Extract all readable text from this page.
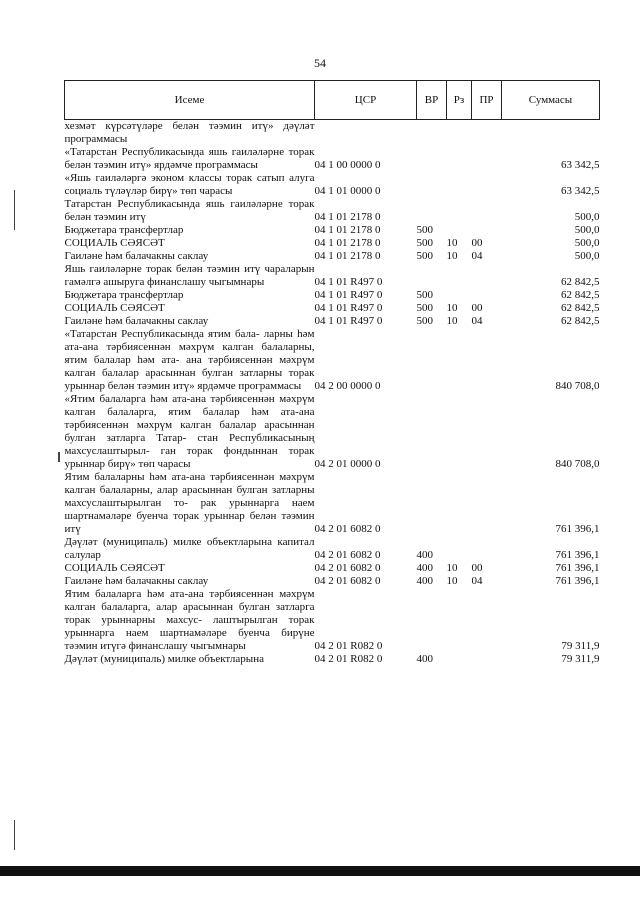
54
Исеме	ЦСР	ВР	Рз	ПР	Суммасы
хезмәт күрсәтүләре белән тәэмин итү» дәүләт программасы					
«Татарстан Республикасында яшь гаиләләрне торак белән тәэмин итү» ярдәмче программасы	04 1 00 0000 0				63 342,5
«Яшь гаиләләргә эконом классы торак сатып алуга социаль түләүләр бирү» төп чарасы	04 1 01 0000 0				63 342,5
Татарстан Республикасында яшь гаиләләрне торак белән тәэмин итү	04 1 01 2178 0				500,0
Бюджетара трансфертлар	04 1 01 2178 0	500			500,0
СОЦИАЛЬ СӘЯСӘТ	04 1 01 2178 0	500	10	00	500,0
Гаиләне һәм балачакны саклау	04 1 01 2178 0	500	10	04	500,0
Яшь гаиләләрне торак белән тәэмин итү чараларын гамәлгә ашыруга финанслашу чыгымнары	04 1 01 R497 0				62 842,5
Бюджетара трансфертлар	04 1 01 R497 0	500			62 842,5
СОЦИАЛЬ СӘЯСӘТ	04 1 01 R497 0	500	10	00	62 842,5
Гаиләне һәм балачакны саклау	04 1 01 R497 0	500	10	04	62 842,5
«Татарстан Республикасында ятим бала- ларны һәм ата-ана тәрбиясеннән мәхрүм калган балаларны, ятим балалар һәм ата- ана тәрбиясеннән мәхрүм калган балалар арасыннан булган затларны торак урыннар белән тәэмин итү» ярдәмче программасы	04 2 00 0000 0				840 708,0
«Ятим балаларга һәм ата-ана тәрбиясеннән мәхрүм калган балаларга, ятим балалар һәм ата-ана тәрбиясеннән мәхрүм калган балалар арасыннан булган затларга Татар- стан Республикасының махсуслаштырыл- ган торак фондыннан торак урыннар бирү» төп чарасы	04 2 01 0000 0				840 708,0
Ятим балаларны һәм ата-ана тәрбиясеннән мәхрүм калган балаларны, алар арасыннан булган затларны махсуслаштырылган то- рак урыннарга наем шартнамәләре буенча торак урыннар белән тәэмин итү	04 2 01 6082 0				761 396,1
Дәүләт (муниципаль) милке объектларына капитал салулар	04 2 01 6082 0	400			761 396,1
СОЦИАЛЬ СӘЯСӘТ	04 2 01 6082 0	400	10	00	761 396,1
Гаиләне һәм балачакны саклау	04 2 01 6082 0	400	10	04	761 396,1
Ятим балаларга һәм ата-ана тәрбиясеннән мәхрүм калган балаларга, алар арасыннан булган затларга торак урыннарны махсус- лаштырылган торак урыннарга наем шартнамәләре буенча бирүне тәэмин итүгә финанслашу чыгымнары	04 2 01 R082 0				79 311,9
Дәүләт (муниципаль) милке объектларына	04 2 01 R082 0	400			79 311,9
